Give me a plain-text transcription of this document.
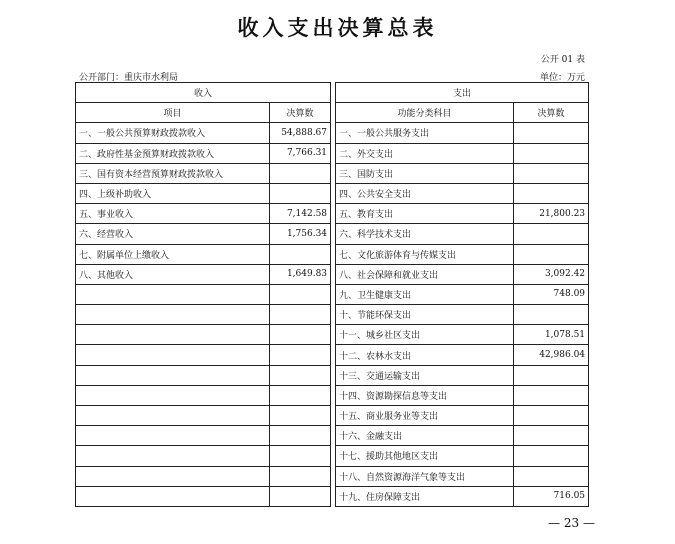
收入支出决算总表
公开 01 表
公开部门：重庆市水利局	单位：万元
收入			支出	
项目	决算数		功能分类科目	决算数
一、一般公共预算财政拨款收入	54,888.67		一、一般公共服务支出	
二、政府性基金预算财政拨款收入	7,766.31		二、外交支出	
三、国有资本经营预算财政拨款收入			三、国防支出	
四、上级补助收入			四、公共安全支出	
五、事业收入	7,142.58		五、教育支出	21,800.23
六、经营收入	1,756.34		六、科学技术支出	
七、附属单位上缴收入			七、文化旅游体育与传媒支出	
八、其他收入	1,649.83		八、社会保障和就业支出	3,092.42
			九、卫生健康支出	748.09
			十、节能环保支出	
			十一、城乡社区支出	1,078.51
			十二、农林水支出	42,986.04
			十三、交通运输支出	
			十四、资源勘探信息等支出	
			十五、商业服务业等支出	
			十六、金融支出	
			十七、援助其他地区支出	
			十八、自然资源海洋气象等支出	
			十九、住房保障支出	716.05
— 23 —
